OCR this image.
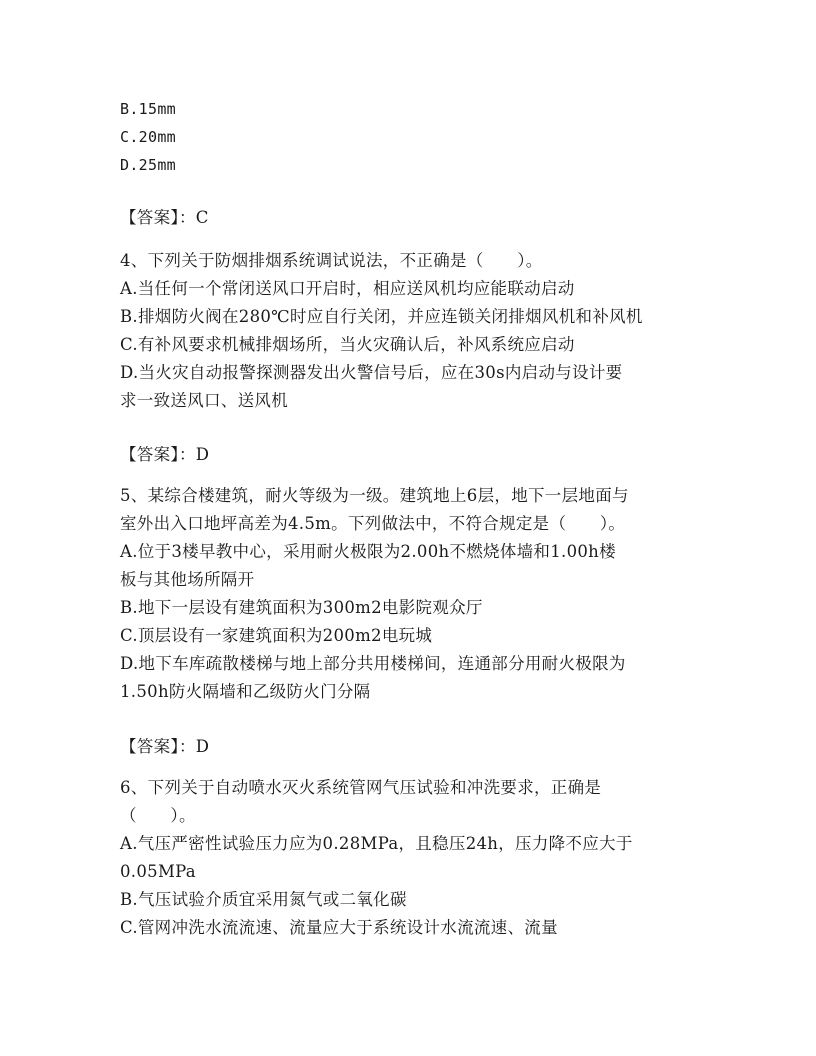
B.15mm
C.20mm
D.25mm
【答案】：C
4、下列关于防烟排烟系统调试说法，不正确是（　　）。
A.当任何一个常闭送风口开启时，相应送风机均应能联动启动
B.排烟防火阀在280℃时应自行关闭，并应连锁关闭排烟风机和补风机
C.有补风要求机械排烟场所，当火灾确认后，补风系统应启动
D.当火灾自动报警探测器发出火警信号后，应在30s内启动与设计要
求一致送风口、送风机
【答案】：D
5、某综合楼建筑，耐火等级为一级。建筑地上6层，地下一层地面与
室外出入口地坪高差为4.5m。下列做法中，不符合规定是（　　）。
A.位于3楼早教中心，采用耐火极限为2.00h不燃烧体墙和1.00h楼
板与其他场所隔开
B.地下一层设有建筑面积为300m2电影院观众厅
C.顶层设有一家建筑面积为200m2电玩城
D.地下车库疏散楼梯与地上部分共用楼梯间，连通部分用耐火极限为
1.50h防火隔墙和乙级防火门分隔
【答案】：D
6、下列关于自动喷水灭火系统管网气压试验和冲洗要求，正确是
（　　）。
A.气压严密性试验压力应为0.28MPa，且稳压24h，压力降不应大于
0.05MPa
B.气压试验介质宜采用氮气或二氧化碳
C.管网冲洗水流流速、流量应大于系统设计水流流速、流量
